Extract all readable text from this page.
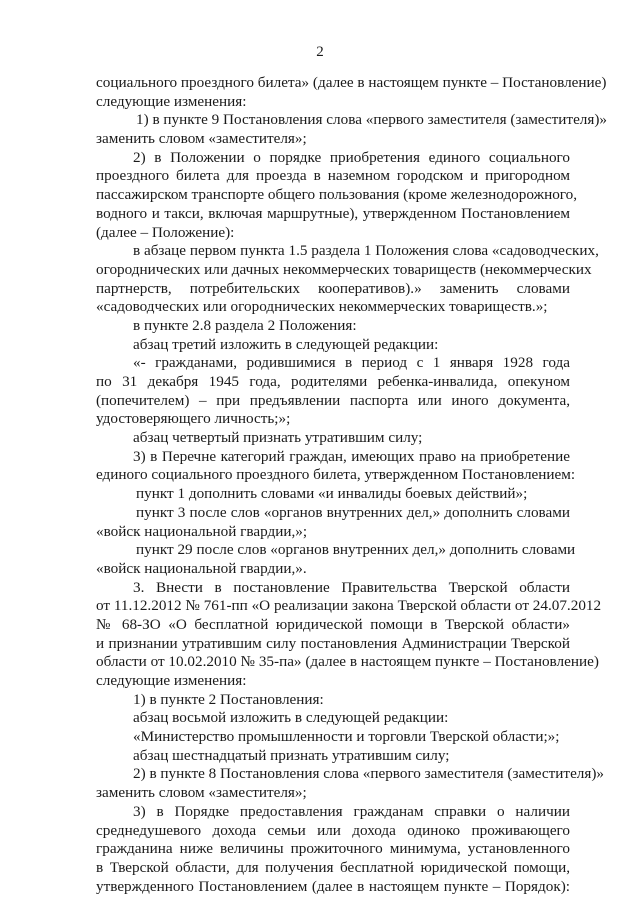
2
социального проездного билета» (далее в настоящем пункте – Постановление)
следующие изменения:
1) в пункте 9 Постановления слова «первого заместителя (заместителя)»
заменить словом «заместителя»;
2) в Положении о порядке приобретения единого социального
проездного билета для проезда в наземном городском и пригородном
пассажирском транспорте общего пользования (кроме железнодорожного,
водного и такси, включая маршрутные), утвержденном Постановлением
(далее – Положение):
в абзаце первом пункта 1.5 раздела 1 Положения слова «садоводческих,
огороднических или дачных некоммерческих товариществ (некоммерческих
партнерств, потребительских кооперативов).» заменить словами
«садоводческих или огороднических некоммерческих товариществ.»;
в пункте 2.8 раздела 2 Положения:
абзац третий изложить в следующей редакции:
«- гражданами, родившимися в период с 1 января 1928 года
по 31 декабря 1945 года, родителями ребенка-инвалида, опекуном
(попечителем) – при предъявлении паспорта или иного документа,
удостоверяющего личность;»;
абзац четвертый признать утратившим силу;
3) в Перечне категорий граждан, имеющих право на приобретение
единого социального проездного билета, утвержденном Постановлением:
пункт 1 дополнить словами «и инвалиды боевых действий»;
пункт 3 после слов «органов внутренних дел,» дополнить словами
«войск национальной гвардии,»;
пункт 29 после слов «органов внутренних дел,» дополнить словами
«войск национальной гвардии,».
3. Внести в постановление Правительства Тверской области
от 11.12.2012 № 761-пп «О реализации закона Тверской области от 24.07.2012
№ 68-ЗО «О бесплатной юридической помощи в Тверской области»
и признании утратившим силу постановления Администрации Тверской
области от 10.02.2010 № 35-па» (далее в настоящем пункте – Постановление)
следующие изменения:
1) в пункте 2 Постановления:
абзац восьмой изложить в следующей редакции:
«Министерство промышленности и торговли Тверской области;»;
абзац шестнадцатый признать утратившим силу;
2) в пункте 8 Постановления слова «первого заместителя (заместителя)»
заменить словом «заместителя»;
3) в Порядке предоставления гражданам справки о наличии
среднедушевого дохода семьи или дохода одиноко проживающего
гражданина ниже величины прожиточного минимума, установленного
в Тверской области, для получения бесплатной юридической помощи,
утвержденного Постановлением (далее в настоящем пункте – Порядок):
